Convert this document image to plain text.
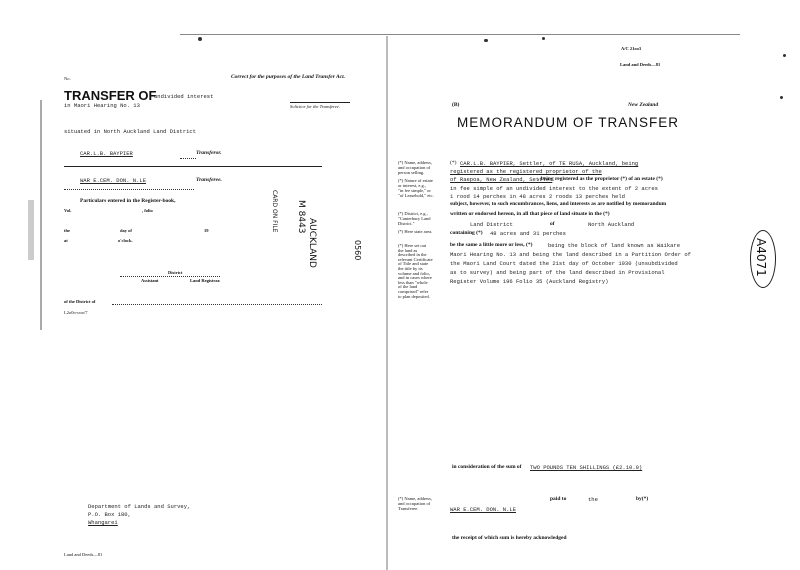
No.	Correct for the purposes of the Land Transfer Act.
TRANSFER OF
undivided interest
in Maori Hearing No. 13	Solicitor for the Transferee.
situated in North Auckland Land District
CAR.L.B. BAYPIER	Transferor.
WAR E.CEM. DON. N.LE	Transferee.
Particulars entered in the Register-book,
Vol.	, folio
the	day of	19
at	o'clock.
District
Assistant	Land Registrar.
of the District of
L2o0o-ooo/7
Department of Lands and Survey,
P.O. Box 180,
Whangarei
Land and Deeds—81
AUCKLAND	0560
M 8443
CARD ON FILE
A/C 21oo3
Land and Deeds—81
(B)	New Zealand
MEMORANDUM OF TRANSFER
(*) Name, address,
and occupation of
person selling.
(*) Nature of estate
or interest, e.g.,
"in fee simple," or
"of Leasehold," etc.
(*) District, e.g.,
"Canterbury Land
District."
(*) Here state area.
(*) Here set out
the land as
described in the
relevant Certificate
of Title and state
the title by its
volume and folio,
and in cases where
less than "whole
of the land
comprised" refer
to plan deposited.
(*) Name, address,
and occupation of
Transferee.
(*) CAR.L.B. BAYPIER, Settler, of TE RUSA, Auckland, being
registered as the registered proprietor of the
of Raepoa, New Zealand, Settler
, being registered as the proprietor (*) of an estate (*)
in fee simple of an undivided interest to the extent of 2 acres
1 rood 14 perches in 48 acres 2 roods 13 perches held
subject, however, to such encumbrances, liens, and interests as are notified by memorandum
written or endorsed hereon, in all that piece of land situate in the (*)
Land District	of	North Auckland
containing (*) 48 acres and 31 perches
be the same a little more or less, (*)	being the block of land known as Waikare
Maori Hearing No. 13 and being the land described in a Partition Order of
the Maori Land Court dated the 21st day of October 1930 (unsubdivided
as to survey) and being part of the land described in Provisional
Register Volume 196 Folio 35 (Auckland Registry)
in consideration of the sum of TWO POUNDS TEN SHILLINGS (£2.10.0)
paid to	the	by(*)
WAR E.CEM. DON. N.LE
the receipt of which sum is hereby acknowledged
A4071
